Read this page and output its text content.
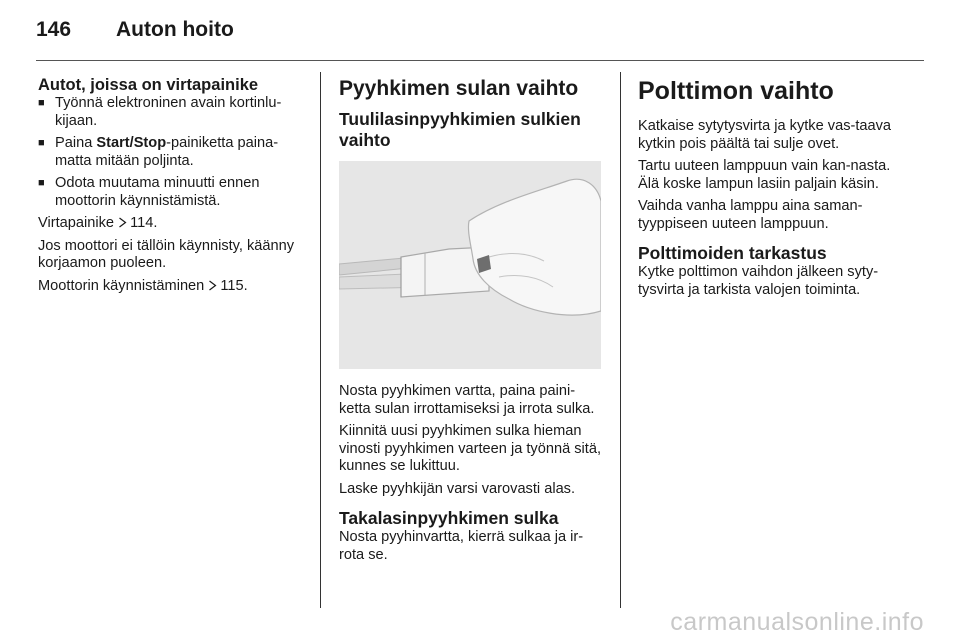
146 Auton hoito
Autot, joissa on virtapainike
■ Työnnä elektroninen avain kortinlu-kijaan.
■ Paina Start/Stop-painiketta paina-matta mitään poljinta.
■ Odota muutama minuutti ennen moottorin käynnistämistä.

Virtapainike 114.

Jos moottori ei tällöin käynnisty, käänny korjaamon puoleen.

Moottorin käynnistäminen 115.

Pyyhkimen sulan vaihto
Tuulilasinpyyhkimien sulkien vaihto

Nosta pyyhkimen vartta, paina paini-ketta sulan irrottamiseksi ja irrota sulka.

Kiinnitä uusi pyyhkimen sulka hieman vinosti pyyhkimen varteen ja työnnä sitä, kunnes se lukittuu.

Laske pyyhkijän varsi varovasti alas.

Takalasinpyyhkimen sulka

Nosta pyyhinvartta, kierrä sulkaa ja ir-rota se.

Polttimon vaihto

Katkaise sytytysvirta ja kytke vas-taava kytkin pois päältä tai sulje ovet.

Tartu uuteen lamppuun vain kan-nasta. Älä koske lampun lasiin paljain käsin.

Vaihda vanha lamppu aina saman-tyyppiseen uuteen lamppuun.

Polttimoiden tarkastus

Kytke polttimon vaihdon jälkeen syty-tysvirta ja tarkista valojen toiminta.

carmanualsonline.info
